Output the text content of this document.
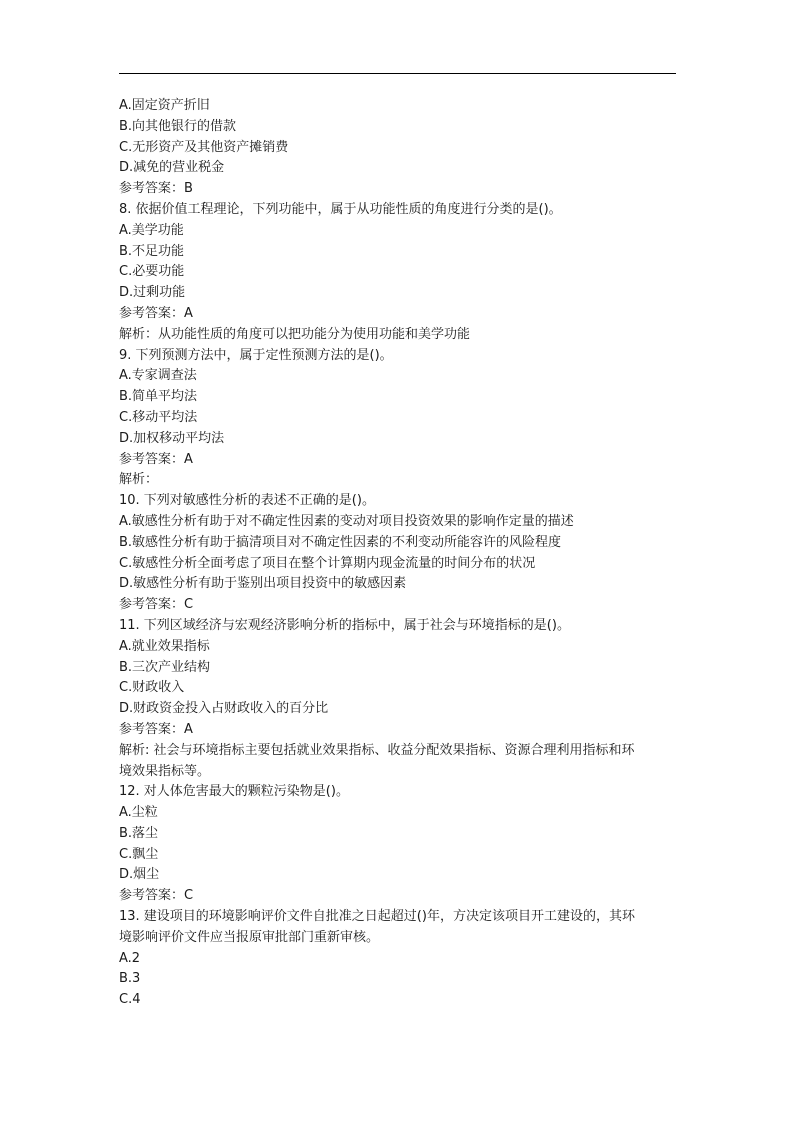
A.固定资产折旧
B.向其他银行的借款
C.无形资产及其他资产摊销费
D.减免的营业税金
参考答案：B
8. 依据价值工程理论，下列功能中，属于从功能性质的角度进行分类的是()。
A.美学功能
B.不足功能
C.必要功能
D.过剩功能
参考答案：A
解析：从功能性质的角度可以把功能分为使用功能和美学功能
9. 下列预测方法中，属于定性预测方法的是()。
A.专家调查法
B.简单平均法
C.移动平均法
D.加权移动平均法
参考答案：A
解析：
10. 下列对敏感性分析的表述不正确的是()。
A.敏感性分析有助于对不确定性因素的变动对项目投资效果的影响作定量的描述
B.敏感性分析有助于搞清项目对不确定性因素的不利变动所能容许的风险程度
C.敏感性分析全面考虑了项目在整个计算期内现金流量的时间分布的状况
D.敏感性分析有助于鉴别出项目投资中的敏感因素
参考答案：C
11. 下列区域经济与宏观经济影响分析的指标中，属于社会与环境指标的是()。
A.就业效果指标
B.三次产业结构
C.财政收入
D.财政资金投入占财政收入的百分比
参考答案：A
解析: 社会与环境指标主要包括就业效果指标、收益分配效果指标、资源合理利用指标和环
境效果指标等。
12. 对人体危害最大的颗粒污染物是()。
A.尘粒
B.落尘
C.飘尘
D.烟尘
参考答案：C
13. 建设项目的环境影响评价文件自批准之日起超过()年，方决定该项目开工建设的，其环
境影响评价文件应当报原审批部门重新审核。
A.2
B.3
C.4
